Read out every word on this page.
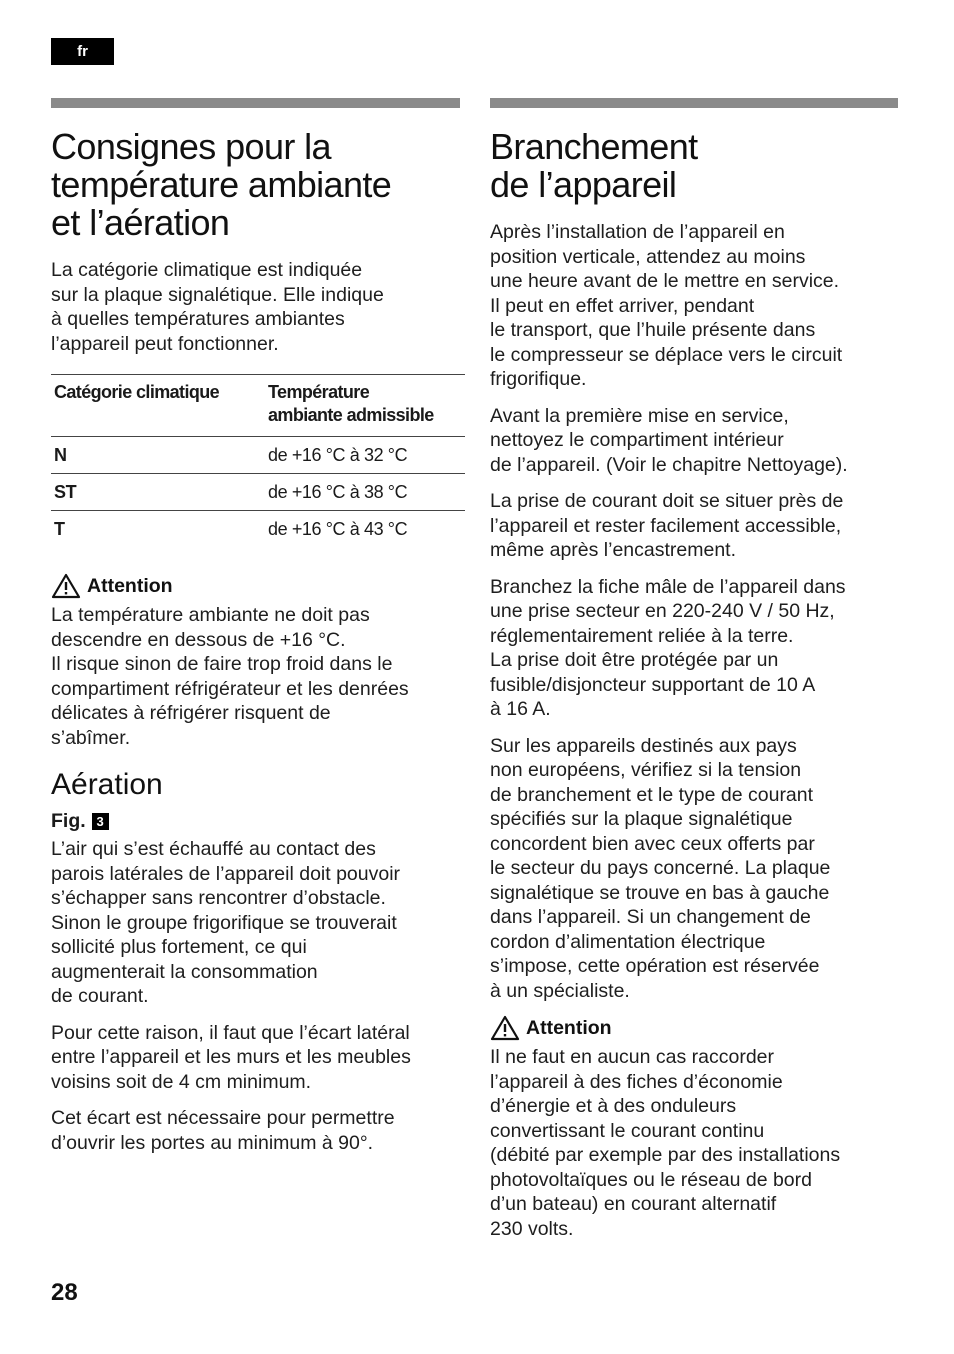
fr
Consignes pour la
température ambiante
et l’aération

La catégorie climatique est indiquée
sur la plaque signalétique. Elle indique
à quelles températures ambiantes
l’appareil peut fonctionner.

Catégorie climatique	Température
ambiante admissible
N	de +16 °C à 32 °C
ST	de +16 °C à 38 °C
T	de +16 °C à 43 °C
Attention

La température ambiante ne doit pas
descendre en dessous de +16 °C.
Il risque sinon de faire trop froid dans le
compartiment réfrigérateur et les denrées
délicates à réfrigérer risquent de
s’abîmer.

Aération
Fig. 3

L’air qui s’est échauffé au contact des
parois latérales de l’appareil doit pouvoir
s’échapper sans rencontrer d’obstacle.
Sinon le groupe frigorifique se trouverait
sollicité plus fortement, ce qui
augmenterait la consommation
de courant.

Pour cette raison, il faut que l’écart latéral
entre l’appareil et les murs et les meubles
voisins soit de 4 cm minimum.

Cet écart est nécessaire pour permettre
d’ouvrir les portes au minimum à 90°.

Branchement
de l’appareil

Après l’installation de l’appareil en
position verticale, attendez au moins
une heure avant de le mettre en service.
Il peut en effet arriver, pendant
le transport, que l’huile présente dans
le compresseur se déplace vers le circuit
frigorifique.

Avant la première mise en service,
nettoyez le compartiment intérieur
de l’appareil. (Voir le chapitre Nettoyage).

La prise de courant doit se situer près de
l’appareil et rester facilement accessible,
même après l’encastrement.

Branchez la fiche mâle de l’appareil dans
une prise secteur en 220-240 V / 50 Hz,
réglementairement reliée à la terre.
La prise doit être protégée par un
fusible/disjoncteur supportant de 10 A
à 16 A.

Sur les appareils destinés aux pays
non européens, vérifiez si la tension
de branchement et le type de courant
spécifiés sur la plaque signalétique
concordent bien avec ceux offerts par
le secteur du pays concerné. La plaque
signalétique se trouve en bas à gauche
dans l’appareil. Si un changement de
cordon d’alimentation électrique
s’impose, cette opération est réservée
à un spécialiste.

Attention

Il ne faut en aucun cas raccorder
l’appareil à des fiches d’économie
d’énergie et à des onduleurs
convertissant le courant continu
(débité par exemple par des installations
photovoltaïques ou le réseau de bord
d’un bateau) en courant alternatif
230 volts.

28
